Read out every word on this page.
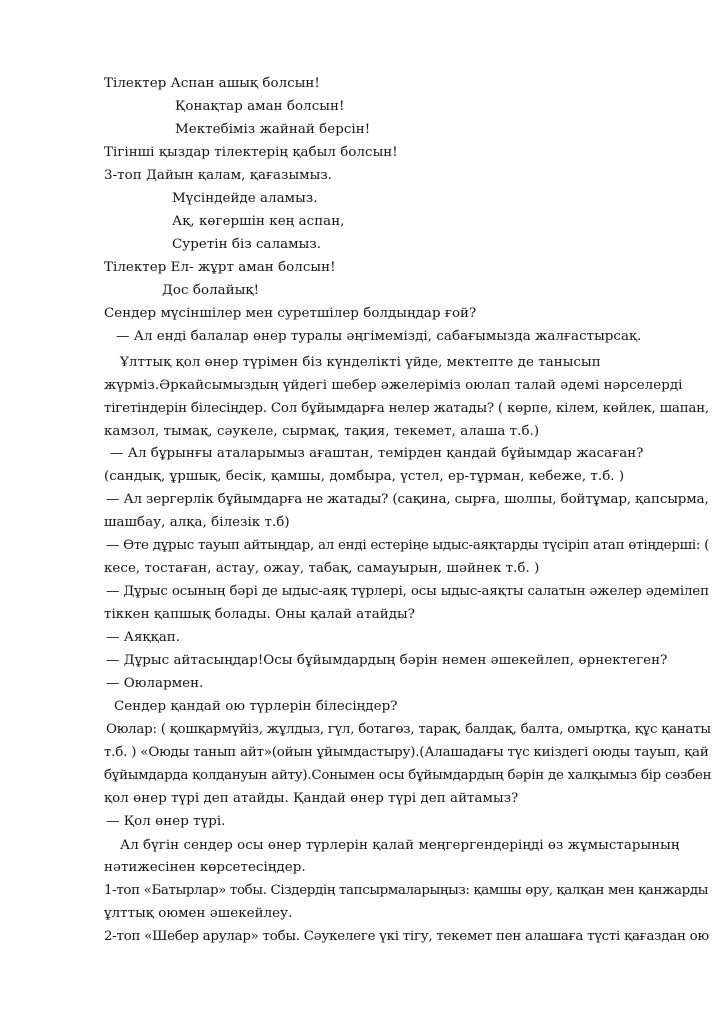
Тілектер Аспан ашық болсын!
Қонақтар аман болсын!
Мектебіміз жайнай берсін!
Тігінші қыздар тілектерің қабыл болсын!
3-топ Дайын қалам, қағазымыз.
Мүсіндейде аламыз.
Ақ, көгершін кең аспан,
Суретін біз саламыз.
Тілектер Ел- жұрт аман болсын!
Дос болайық!
Сендер мүсіншілер мен суретшілер болдыңдар ғой?
— Ал енді балалар өнер туралы әңгімемізді, сабағымызда жалғастырсақ.
Ұлттық қол өнер түрімен біз күнделікті үйде, мектепте де танысып
жүрміз.Әркайсымыздың үйдегі шебер әжелеріміз оюлап талай әдемі нәрселерді
тігетіндерін білесіңдер. Сол бұйымдарға нелер жатады? ( көрпе, кілем, көйлек, шапан,
камзол, тымақ, сәукеле, сырмақ, тақия, текемет, алаша т.б.)
— Ал бұрынғы аталарымыз ағаштан, темірден қандай бұйымдар жасаған?
(сандық, ұршық, бесік, қамшы, домбыра, үстел, ер-тұрман, кебеже, т.б. )
— Ал зергерлік бұйымдарға не жатады? (сақина, сырға, шолпы, бойтұмар, қапсырма,
шашбау, алқа, білезік т.б)
— Өте дұрыс тауып айтыңдар, ал енді естеріңе ыдыс-аяқтарды түсіріп атап өтіңдерші: (
кесе, тостаған, астау, ожау, табақ, самауырын, шәйнек т.б. )
— Дұрыс осының бәрі де ыдыс-аяқ түрлері, осы ыдыс-аяқты салатын әжелер әдемілеп
тіккен қапшық болады. Оны қалай атайды?
— Аяққап.
— Дұрыс айтасыңдар!Осы бұйымдардың бәрін немен әшекейлеп, өрнектеген?
— Оюлармен.
Сендер қандай ою түрлерін білесіңдер?
Оюлар: ( қошқармүйіз, жұлдыз, гүл, ботагөз, тарақ, балдақ, балта, омыртқа, құс қанаты
т.б. ) «Оюды танып айт»(ойын ұйымдастыру).(Алашадағы түс киіздегі оюды тауып, қай
бұйымдарда қолдануын айту).Сонымен осы бұйымдардың бәрін де халқымыз бір сөзбен
қол өнер түрі деп атайды. Қандай өнер түрі деп айтамыз?
— Қол өнер түрі.
Ал бүгін сендер осы өнер түрлерін қалай меңгергендеріңді өз жұмыстарының
нәтижесінен көрсетесіңдер.
1-топ «Батырлар» тобы. Сіздердің тапсырмаларыңыз: қамшы өру, қалқан мен қанжарды
ұлттық оюмен әшекейлеу.
2-топ «Шебер арулар» тобы. Сәукелеге үкі тігу, текемет пен алашаға түсті қағаздан ою
